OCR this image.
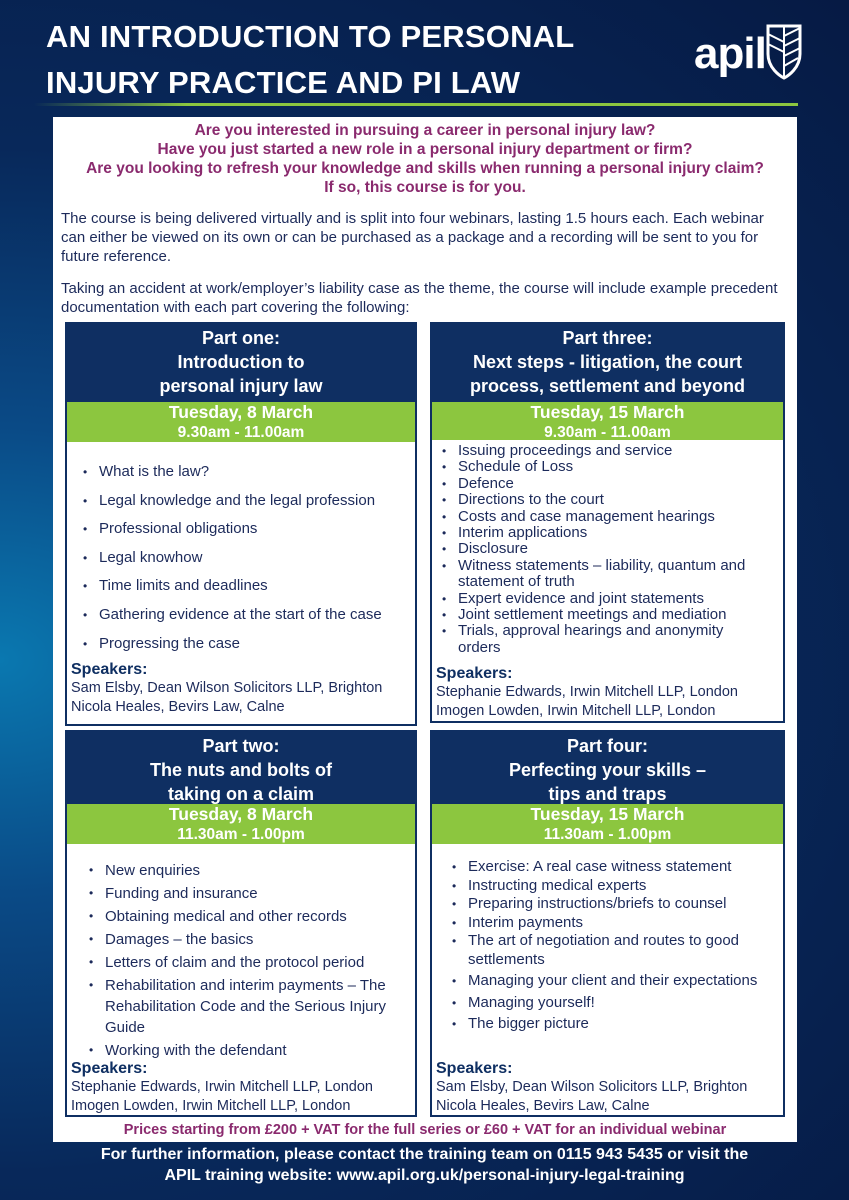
AN INTRODUCTION TO PERSONAL
INJURY PRACTICE AND PI LAW
apil
Are you interested in pursuing a career in personal injury law?
Have you just started a new role in a personal injury department or firm?
Are you looking to refresh your knowledge and skills when running a personal injury claim?
If so, this course is for you.
The course is being delivered virtually and is split into four webinars, lasting 1.5 hours each. Each webinar can either be viewed on its own or can be purchased as a package and a recording will be sent to you for future reference.
Taking an accident at work/employer’s liability case as the theme, the course will include example precedent documentation with each part covering the following:
Part one:
Introduction to
personal injury law
Tuesday, 8 March
9.30am - 11.00am
• What is the law?
• Legal knowledge and the legal profession
• Professional obligations
• Legal knowhow
• Time limits and deadlines
• Gathering evidence at the start of the case
• Progressing the case
Speakers:
Sam Elsby, Dean Wilson Solicitors LLP, Brighton
Nicola Heales, Bevirs Law, Calne
Part three:
Next steps - litigation, the court
process, settlement and beyond
Tuesday, 15 March
9.30am - 11.00am
• Issuing proceedings and service
• Schedule of Loss
• Defence
• Directions to the court
• Costs and case management hearings
• Interim applications
• Disclosure
• Witness statements – liability, quantum and statement of truth
• Expert evidence and joint statements
• Joint settlement meetings and mediation
• Trials, approval hearings and anonymity orders
Speakers:
Stephanie Edwards, Irwin Mitchell LLP, London
Imogen Lowden, Irwin Mitchell LLP, London
Part two:
The nuts and bolts of
taking on a claim
Tuesday, 8 March
11.30am - 1.00pm
• New enquiries
• Funding and insurance
• Obtaining medical and other records
• Damages – the basics
• Letters of claim and the protocol period
• Rehabilitation and interim payments – The Rehabilitation Code and the Serious Injury Guide
• Working with the defendant
Speakers:
Stephanie Edwards, Irwin Mitchell LLP, London
Imogen Lowden, Irwin Mitchell LLP, London
Part four:
Perfecting your skills –
tips and traps
Tuesday, 15 March
11.30am - 1.00pm
• Exercise: A real case witness statement
• Instructing medical experts
• Preparing instructions/briefs to counsel
• Interim payments
• The art of negotiation and routes to good settlements
• Managing your client and their expectations
• Managing yourself!
• The bigger picture
Speakers:
Sam Elsby, Dean Wilson Solicitors LLP, Brighton
Nicola Heales, Bevirs Law, Calne
Prices starting from £200 + VAT for the full series or £60 + VAT for an individual webinar
For further information, please contact the training team on 0115 943 5435 or visit the
APIL training website: www.apil.org.uk/personal-injury-legal-training
